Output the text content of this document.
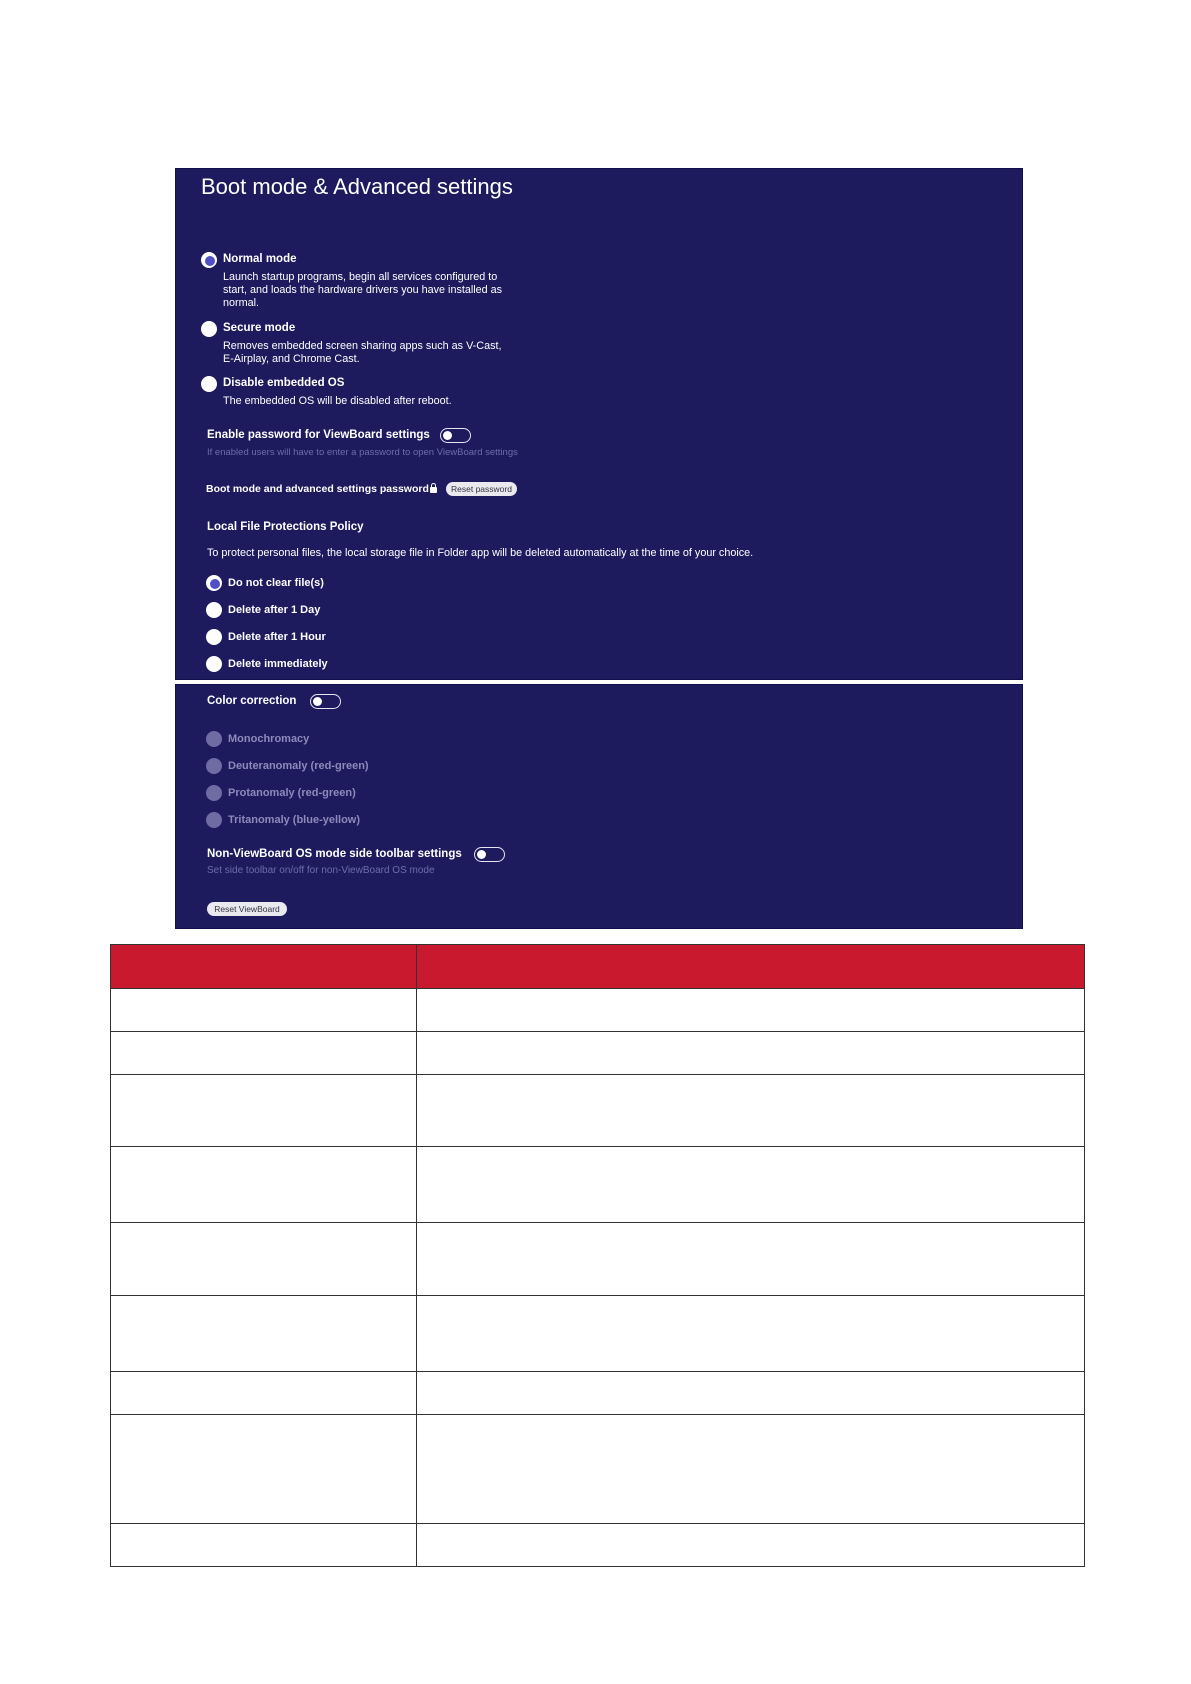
Boot mode & Advanced settings
Normal mode
Launch startup programs, begin all services configured to start, and loads the hardware drivers you have installed as normal.
Secure mode
Removes embedded screen sharing apps such as V-Cast, E-Airplay, and Chrome Cast.
Disable embedded OS
The embedded OS will be disabled after reboot.
Enable password for ViewBoard settings
If enabled users will have to enter a password to open ViewBoard settings
Boot mode and advanced settings password	Reset password
Local File Protections Policy
To protect personal files, the local storage file in Folder app will be deleted automatically at the time of your choice.
Do not clear file(s)
Delete after 1 Day
Delete after 1 Hour
Delete immediately
Color correction
Monochromacy
Deuteranomaly (red-green)
Protanomaly (red-green)
Tritanomaly (blue-yellow)
Non-ViewBoard OS mode side toolbar settings
Set side toolbar on/off for non-ViewBoard OS mode
Reset ViewBoard
